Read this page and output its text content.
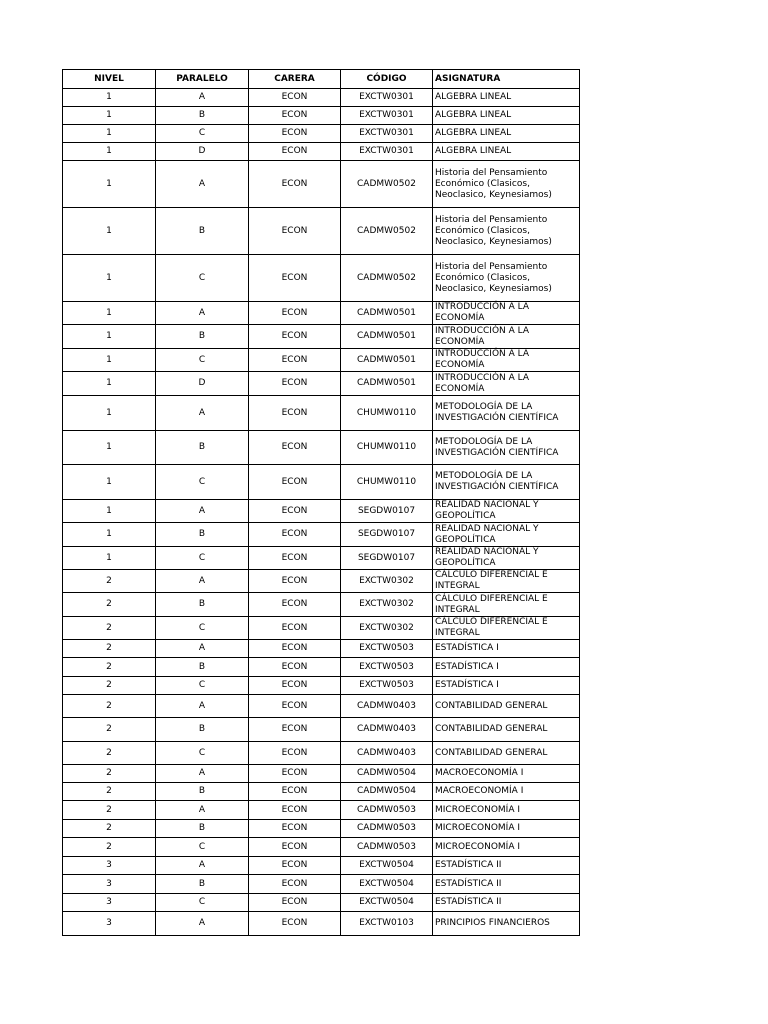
NIVEL	PARALELO	CARERA	CÓDIGO	ASIGNATURA
1	A	ECON	EXCTW0301	ALGEBRA LINEAL
1	B	ECON	EXCTW0301	ALGEBRA LINEAL
1	C	ECON	EXCTW0301	ALGEBRA LINEAL
1	D	ECON	EXCTW0301	ALGEBRA LINEAL
1	A	ECON	CADMW0502	Historia del Pensamiento Económico (Clasicos, Neoclasico, Keynesiamos)
1	B	ECON	CADMW0502	Historia del Pensamiento Económico (Clasicos, Neoclasico, Keynesiamos)
1	C	ECON	CADMW0502	Historia del Pensamiento Económico (Clasicos, Neoclasico, Keynesiamos)
1	A	ECON	CADMW0501	INTRODUCCIÓN A LA ECONOMÍA
1	B	ECON	CADMW0501	INTRODUCCIÓN A LA ECONOMÍA
1	C	ECON	CADMW0501	INTRODUCCIÓN A LA ECONOMÍA
1	D	ECON	CADMW0501	INTRODUCCIÓN A LA ECONOMÍA
1	A	ECON	CHUMW0110	METODOLOGÍA DE LA INVESTIGACIÓN CIENTÍFICA
1	B	ECON	CHUMW0110	METODOLOGÍA DE LA INVESTIGACIÓN CIENTÍFICA
1	C	ECON	CHUMW0110	METODOLOGÍA DE LA INVESTIGACIÓN CIENTÍFICA
1	A	ECON	SEGDW0107	REALIDAD NACIONAL Y GEOPOLÍTICA
1	B	ECON	SEGDW0107	REALIDAD NACIONAL Y GEOPOLÍTICA
1	C	ECON	SEGDW0107	REALIDAD NACIONAL Y GEOPOLÍTICA
2	A	ECON	EXCTW0302	CÁLCULO DIFERENCIAL E INTEGRAL
2	B	ECON	EXCTW0302	CÁLCULO DIFERENCIAL E INTEGRAL
2	C	ECON	EXCTW0302	CÁLCULO DIFERENCIAL E INTEGRAL
2	A	ECON	EXCTW0503	ESTADÍSTICA I
2	B	ECON	EXCTW0503	ESTADÍSTICA I
2	C	ECON	EXCTW0503	ESTADÍSTICA I
2	A	ECON	CADMW0403	CONTABILIDAD GENERAL
2	B	ECON	CADMW0403	CONTABILIDAD GENERAL
2	C	ECON	CADMW0403	CONTABILIDAD GENERAL
2	A	ECON	CADMW0504	MACROECONOMÍA I
2	B	ECON	CADMW0504	MACROECONOMÍA I
2	A	ECON	CADMW0503	MICROECONOMÍA I
2	B	ECON	CADMW0503	MICROECONOMÍA I
2	C	ECON	CADMW0503	MICROECONOMÍA I
3	A	ECON	EXCTW0504	ESTADÍSTICA II
3	B	ECON	EXCTW0504	ESTADÍSTICA II
3	C	ECON	EXCTW0504	ESTADÍSTICA II
3	A	ECON	EXCTW0103	PRINCIPIOS FINANCIEROS
